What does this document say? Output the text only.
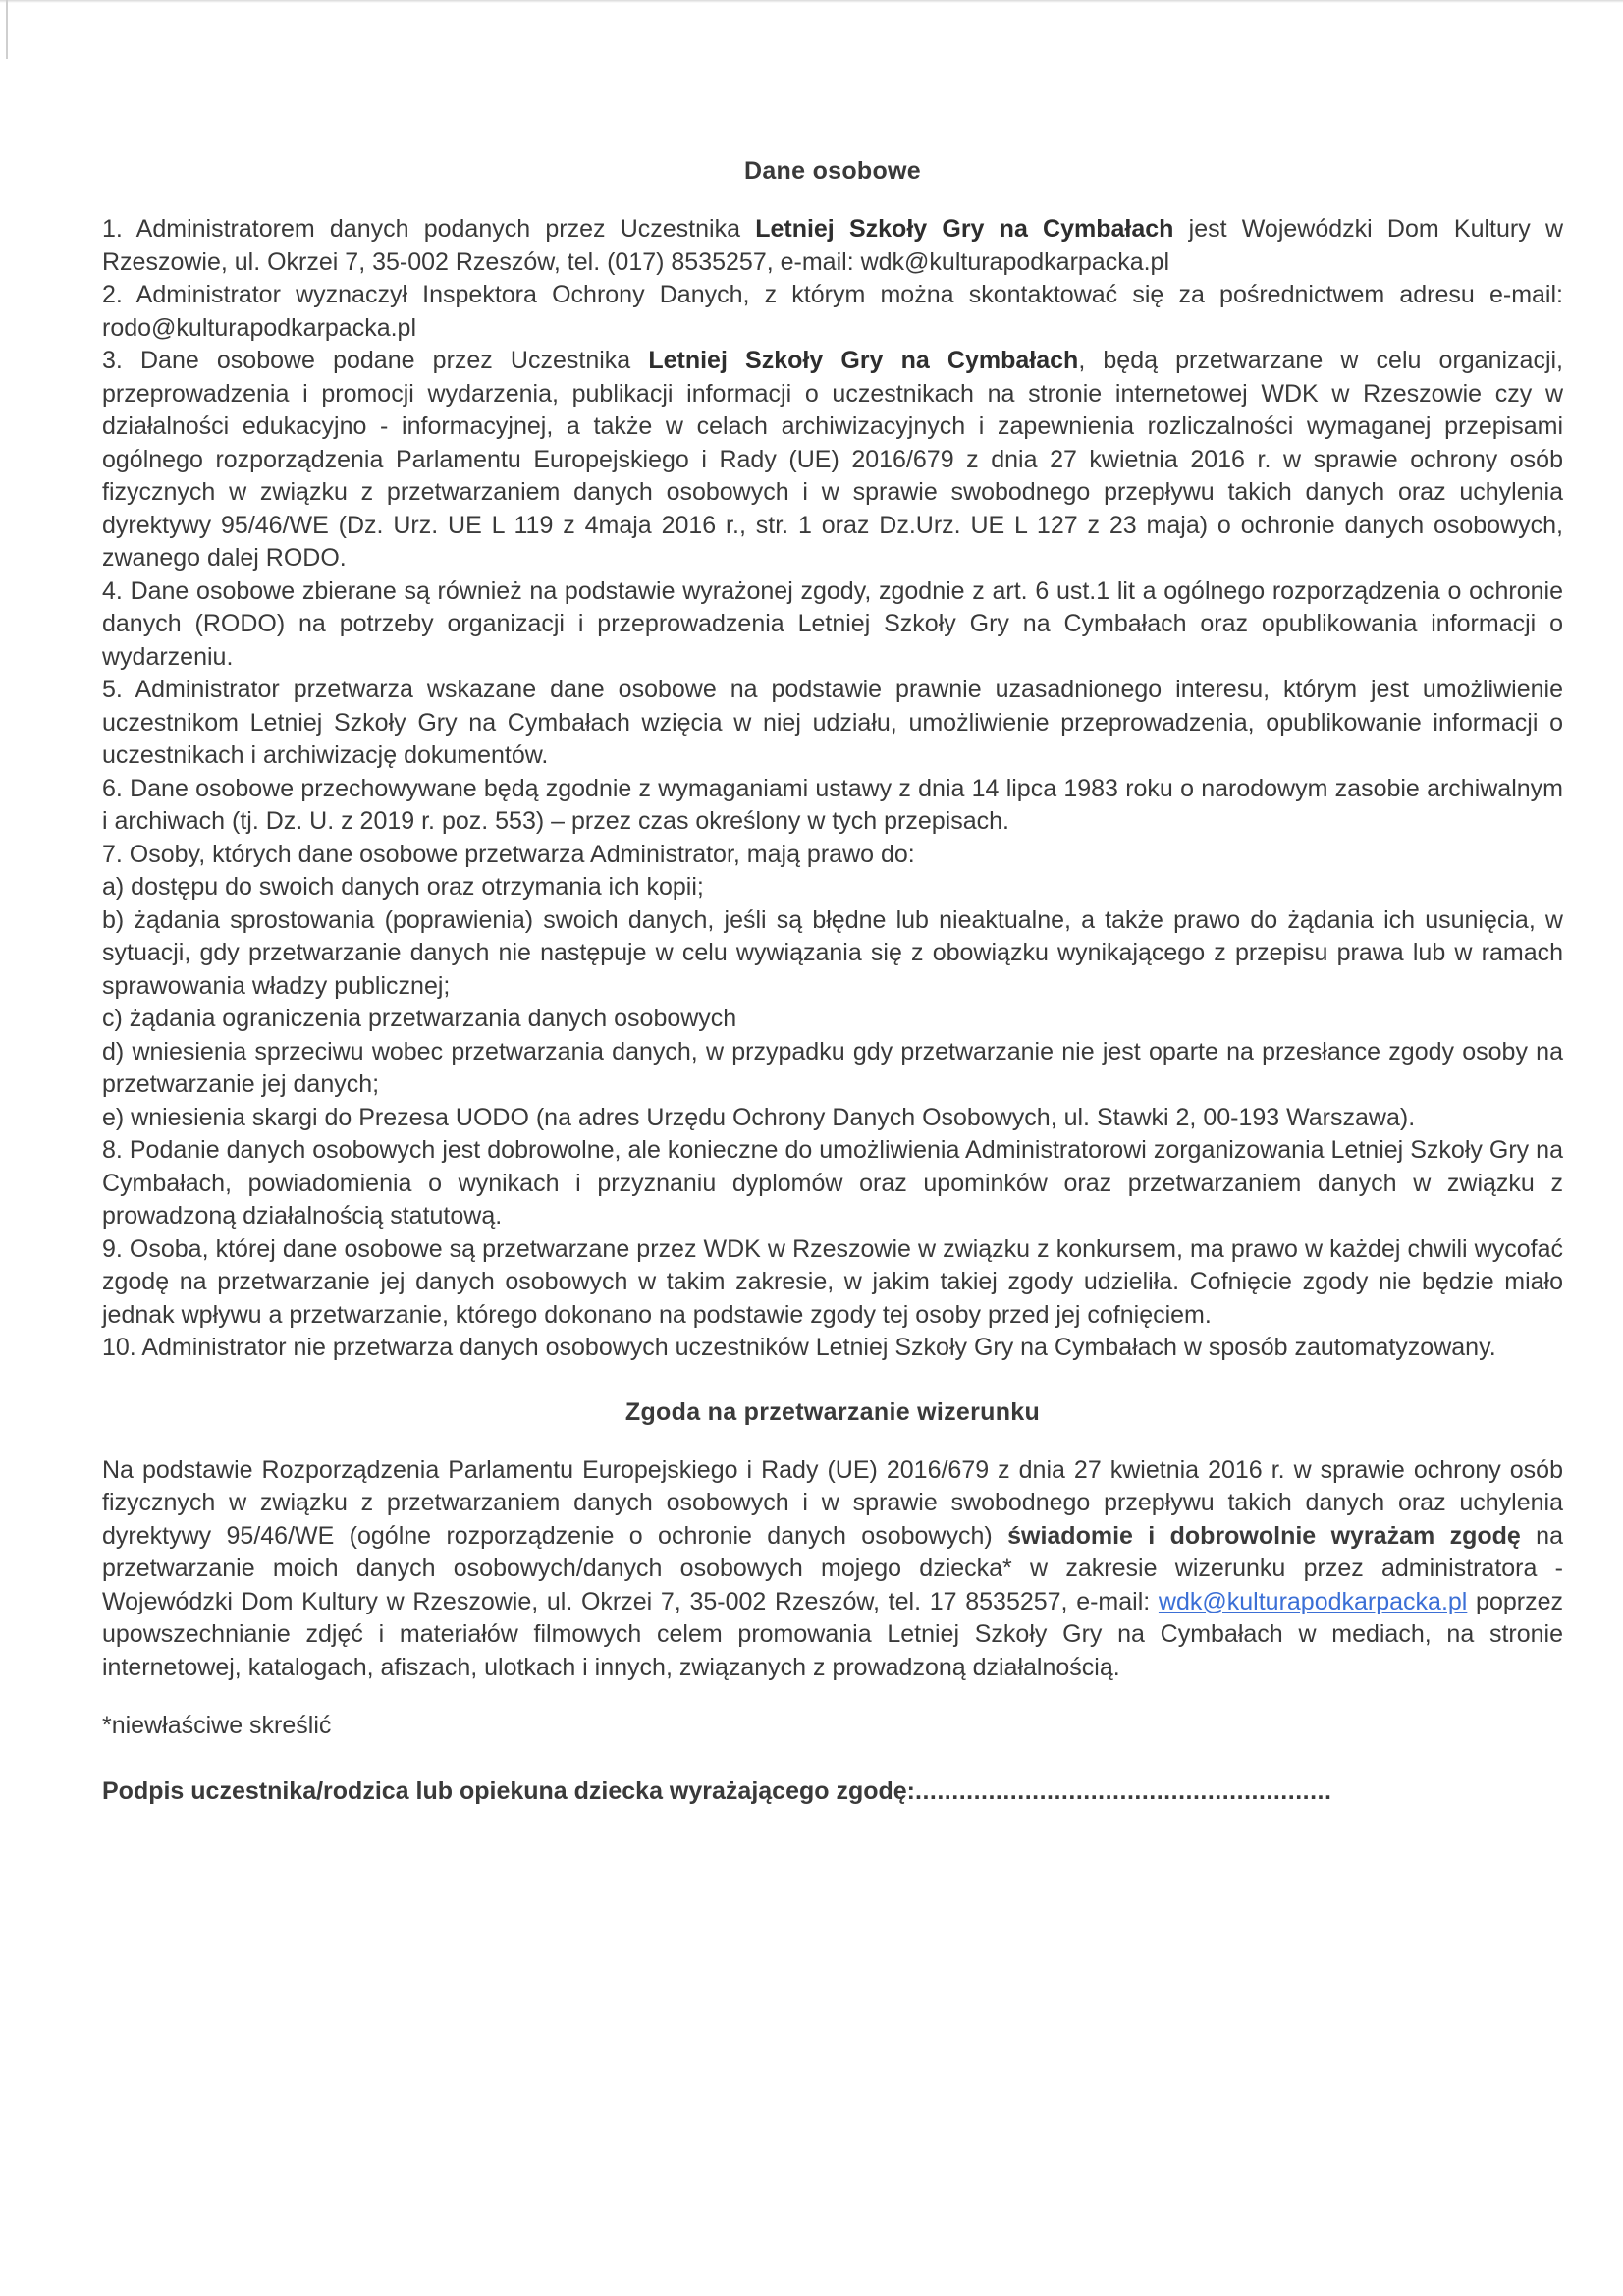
Dane osobowe

1. Administratorem danych podanych przez Uczestnika Letniej Szkoły Gry na Cymbałach jest Wojewódzki Dom Kultury w Rzeszowie, ul. Okrzei 7, 35-002 Rzeszów, tel. (017) 8535257, e-mail: wdk@kulturapodkarpacka.pl

2. Administrator wyznaczył Inspektora Ochrony Danych, z którym można skontaktować się za pośrednictwem adresu e-mail: rodo@kulturapodkarpacka.pl

3. Dane osobowe podane przez Uczestnika Letniej Szkoły Gry na Cymbałach, będą przetwarzane w celu organizacji, przeprowadzenia i promocji wydarzenia, publikacji informacji o uczestnikach na stronie internetowej WDK w Rzeszowie czy w działalności edukacyjno - informacyjnej, a także w celach archiwizacyjnych i zapewnienia rozliczalności wymaganej przepisami ogólnego rozporządzenia Parlamentu Europejskiego i Rady (UE) 2016/679 z dnia 27 kwietnia 2016 r. w sprawie ochrony osób fizycznych w związku z przetwarzaniem danych osobowych i w sprawie swobodnego przepływu takich danych oraz uchylenia dyrektywy 95/46/WE (Dz. Urz. UE L 119 z 4maja 2016 r., str. 1 oraz Dz.Urz. UE L 127 z 23 maja) o ochronie danych osobowych, zwanego dalej RODO.

4. Dane osobowe zbierane są również na podstawie wyrażonej zgody, zgodnie z art. 6 ust.1 lit a ogólnego rozporządzenia o ochronie danych (RODO) na potrzeby organizacji i przeprowadzenia Letniej Szkoły Gry na Cymbałach oraz opublikowania informacji o wydarzeniu.

5. Administrator przetwarza wskazane dane osobowe na podstawie prawnie uzasadnionego interesu, którym jest umożliwienie uczestnikom Letniej Szkoły Gry na Cymbałach wzięcia w niej udziału, umożliwienie przeprowadzenia, opublikowanie informacji o uczestnikach i archiwizację dokumentów.

6. Dane osobowe przechowywane będą zgodnie z wymaganiami ustawy z dnia 14 lipca 1983 roku o narodowym zasobie archiwalnym i archiwach (tj. Dz. U. z 2019 r. poz. 553) – przez czas określony w tych przepisach.

7. Osoby, których dane osobowe przetwarza Administrator, mają prawo do:

a) dostępu do swoich danych oraz otrzymania ich kopii;

b) żądania sprostowania (poprawienia) swoich danych, jeśli są błędne lub nieaktualne, a także prawo do żądania ich usunięcia, w sytuacji, gdy przetwarzanie danych nie następuje w celu wywiązania się z obowiązku wynikającego z przepisu prawa lub w ramach sprawowania władzy publicznej;

c) żądania ograniczenia przetwarzania danych osobowych

d) wniesienia sprzeciwu wobec przetwarzania danych, w przypadku gdy przetwarzanie nie jest oparte na przesłance zgody osoby na przetwarzanie jej danych;

e) wniesienia skargi do Prezesa UODO (na adres Urzędu Ochrony Danych Osobowych, ul. Stawki 2, 00-193 Warszawa).

8. Podanie danych osobowych jest dobrowolne, ale konieczne do umożliwienia Administratorowi zorganizowania Letniej Szkoły Gry na Cymbałach, powiadomienia o wynikach i przyznaniu dyplomów oraz upominków oraz przetwarzaniem danych w związku z prowadzoną działalnością statutową.

9. Osoba, której dane osobowe są przetwarzane przez WDK w Rzeszowie w związku z konkursem, ma prawo w każdej chwili wycofać zgodę na przetwarzanie jej danych osobowych w takim zakresie, w jakim takiej zgody udzieliła. Cofnięcie zgody nie będzie miało jednak wpływu a przetwarzanie, którego dokonano na podstawie zgody tej osoby przed jej cofnięciem.

10. Administrator nie przetwarza danych osobowych uczestników Letniej Szkoły Gry na Cymbałach w sposób zautomatyzowany.

Zgoda na przetwarzanie wizerunku

Na podstawie Rozporządzenia Parlamentu Europejskiego i Rady (UE) 2016/679 z dnia 27 kwietnia 2016 r. w sprawie ochrony osób fizycznych w związku z przetwarzaniem danych osobowych i w sprawie swobodnego przepływu takich danych oraz uchylenia dyrektywy 95/46/WE (ogólne rozporządzenie o ochronie danych osobowych) świadomie i dobrowolnie wyrażam zgodę na przetwarzanie moich danych osobowych/danych osobowych mojego dziecka* w zakresie wizerunku przez administratora - Wojewódzki Dom Kultury w Rzeszowie, ul. Okrzei 7, 35-002 Rzeszów, tel. 17 8535257, e-mail: wdk@kulturapodkarpacka.pl poprzez upowszechnianie zdjęć i materiałów filmowych celem promowania Letniej Szkoły Gry na Cymbałach w mediach, na stronie internetowej, katalogach, afiszach, ulotkach i innych, związanych z prowadzoną działalnością.

*niewłaściwe skreślić
Podpis uczestnika/rodzica lub opiekuna dziecka wyrażającego zgodę:.........................................................
